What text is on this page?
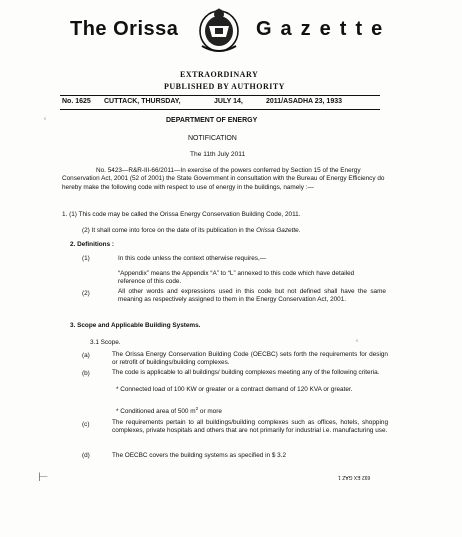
The Orissa	Gazette
EXTRAORDINARY
PUBLISHED BY AUTHORITY
No. 1625 CUTTACK, THURSDAY,	JULY 14,	2011/ASADHA 23, 1933
DEPARTMENT OF ENERGY
NOTIFICATION
The 11th July 2011
No. 5423—R&R-III-66/2011—In exercise of the powers conferred by Section 15 of the Energy Conservation Act, 2001 (52 of 2001) the State Government in consultation with the Bureau of Energy Efficiency do hereby make the following code with respect to use of energy in the buildings, namely :—
1. (1) This code may be called the Orissa Energy Conservation Building Code, 2011.
(2) It shall come into force on the date of its publication in the Orissa Gazette.
2. Definitions :
(1)	In this code unless the context otherwise requires,—
“Appendix” means the Appendix “A” to “L” annexed to this code which have detailed reference of this code.
(2)	All other words and expressions used in this code but not defined shall have the same meaning as respectively assigned to them in the Energy Conservation Act, 2001.
3. Scope and Applicable Building Systems.
3.1 Scope.
(a)	The Orissa Energy Conservation Building Code (OECBC) sets forth the requirements for design or retrofit of buildings/building complexes.
(b)	The code is applicable to all buildings/ building complexes meeting any of the following criteria.
* Connected load of 100 KW or greater or a contract demand of 120 KVA or greater.
* Conditioned area of 500 $m^2$ or more
(c)	The requirements pertain to all buildings/building complexes such as offices, hotels, shopping complexes, private hospitals and others that are not primarily for industrial i.e. manufacturing use.
(d)	The OECBC covers the building systems as specified in $ 3.2
692 EX GAZ 1
‘
‘
⊢
